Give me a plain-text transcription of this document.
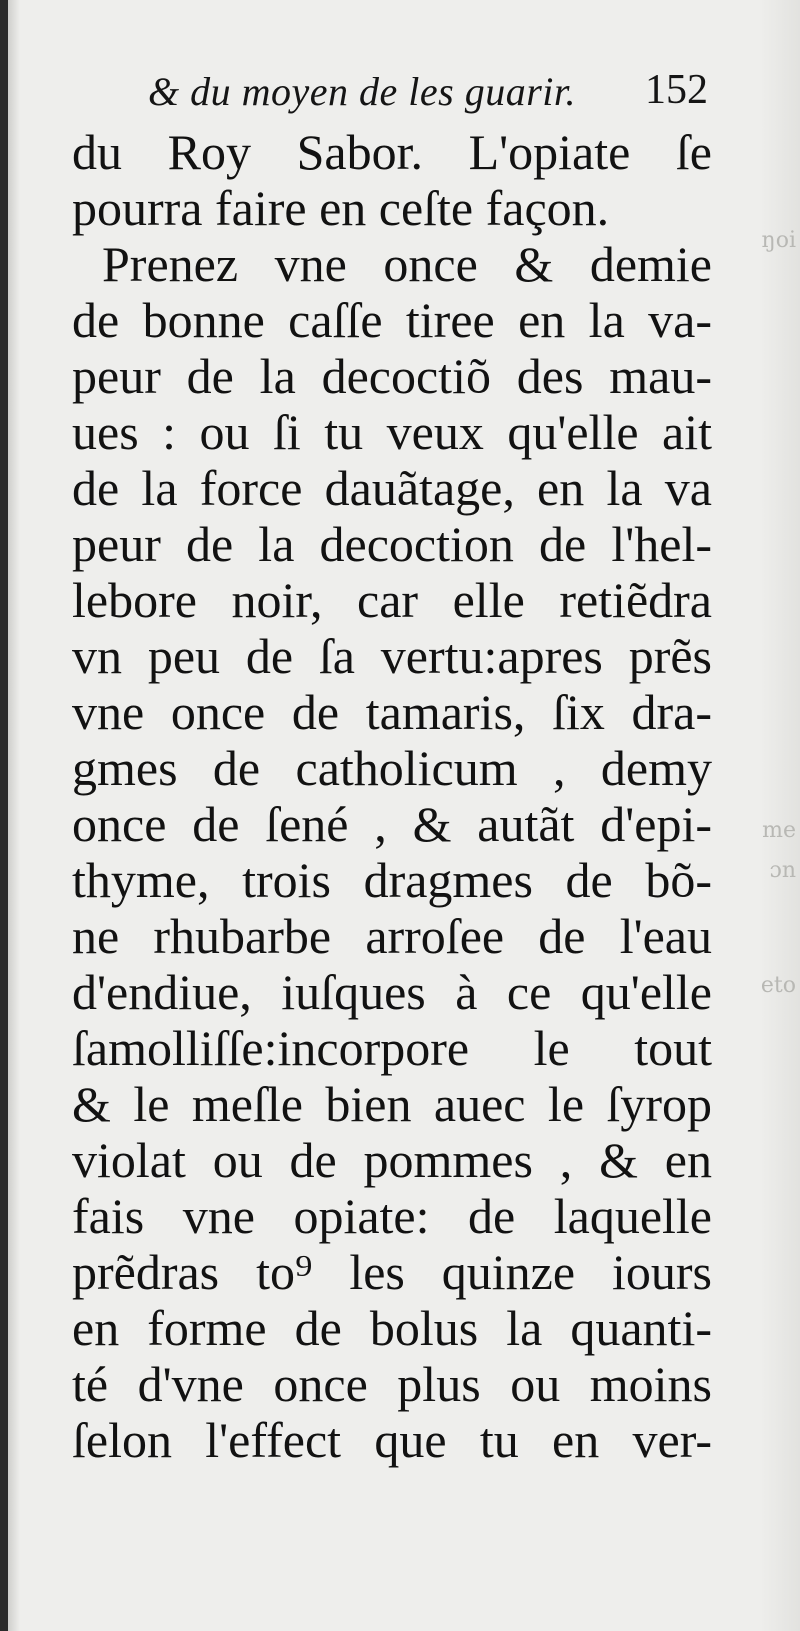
ŋoi
me
ɔn
eto
& du moyen de les guarir. 152
du Roy Sabor. L'opiate ſe
pourra faire en ceſte façon.
Prenez vne once & demie
de bonne caſſe tiree en la va-
peur de la decoctiõ des mau-
ues : ou ſi tu veux qu'elle ait
de la force dauãtage, en la va
peur de la decoction de l'hel-
lebore noir, car elle retiẽdra
vn peu de ſa vertu:apres prẽs
vne once de tamaris, ſix dra-
gmes de catholicum , demy
once de ſené , & autãt d'epi-
thyme, trois dragmes de bõ-
ne rhubarbe arroſee de l'eau
d'endiue, iuſques à ce qu'elle
ſamolliſſe:incorpore le tout
& le meſle bien auec le ſyrop
violat ou de pommes , & en
fais vne opiate: de laquelle
prẽdras to⁹ les quinze iours
en forme de bolus la quanti-
té d'vne once plus ou moins
ſelon l'effect que tu en ver-
